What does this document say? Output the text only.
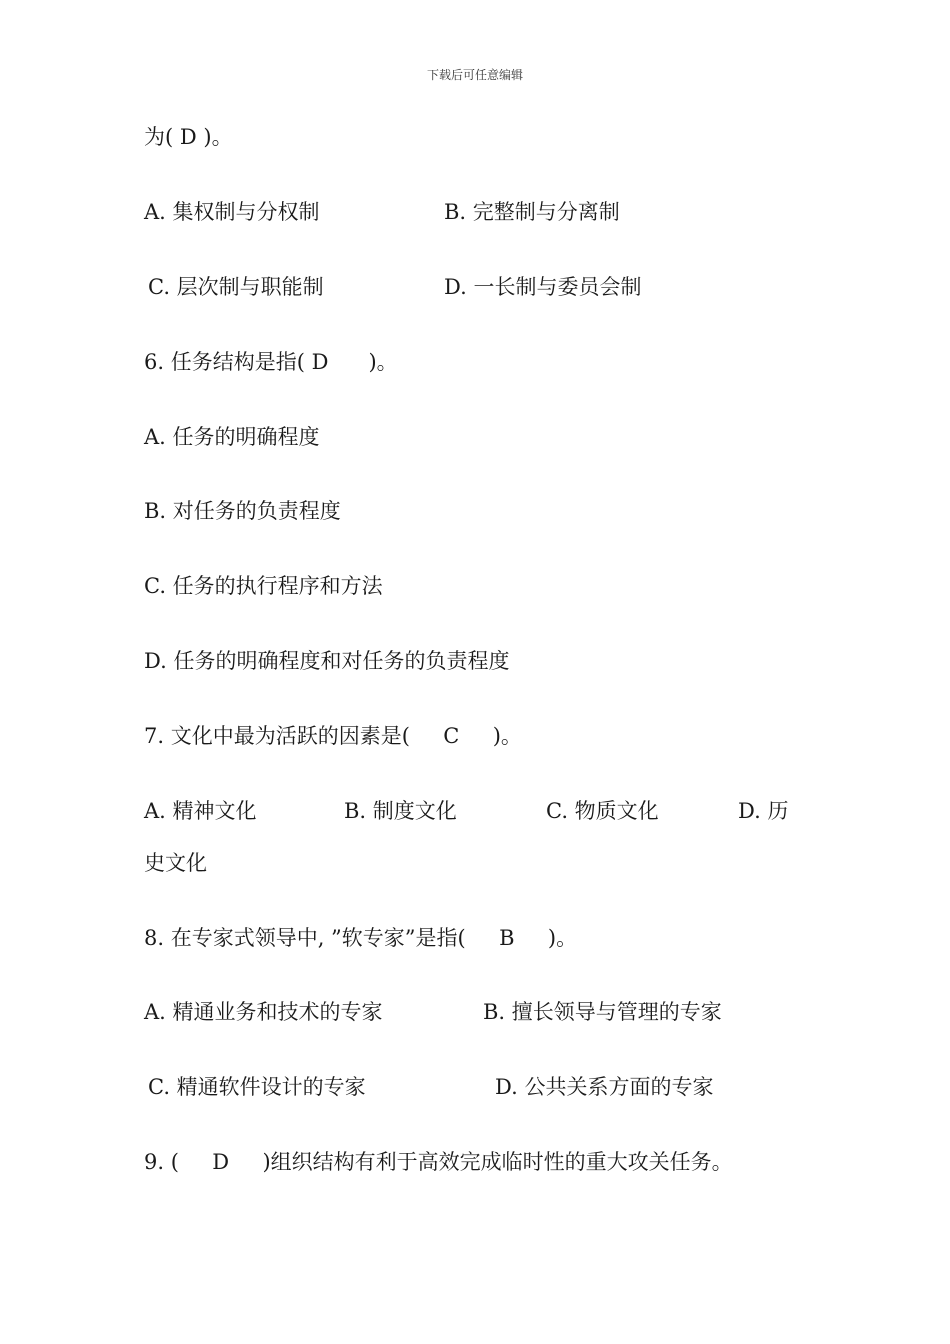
下载后可任意编辑
为( D )。
A. 集权制与分权制	B. 完整制与分离制
C. 层次制与职能制	D. 一长制与委员会制
6. 任务结构是指( D      )。
A. 任务的明确程度
B. 对任务的负责程度
C. 任务的执行程序和方法
D. 任务的明确程度和对任务的负责程度
7. 文化中最为活跃的因素是(     C     )。
A. 精神文化	B. 制度文化	C. 物质文化	D. 历
史文化
8. 在专家式领导中, ”软专家”是指(     B     )。
A. 精通业务和技术的专家	B. 擅长领导与管理的专家
C. 精通软件设计的专家	D. 公共关系方面的专家
9. (     D     )组织结构有利于高效完成临时性的重大攻关任务。
